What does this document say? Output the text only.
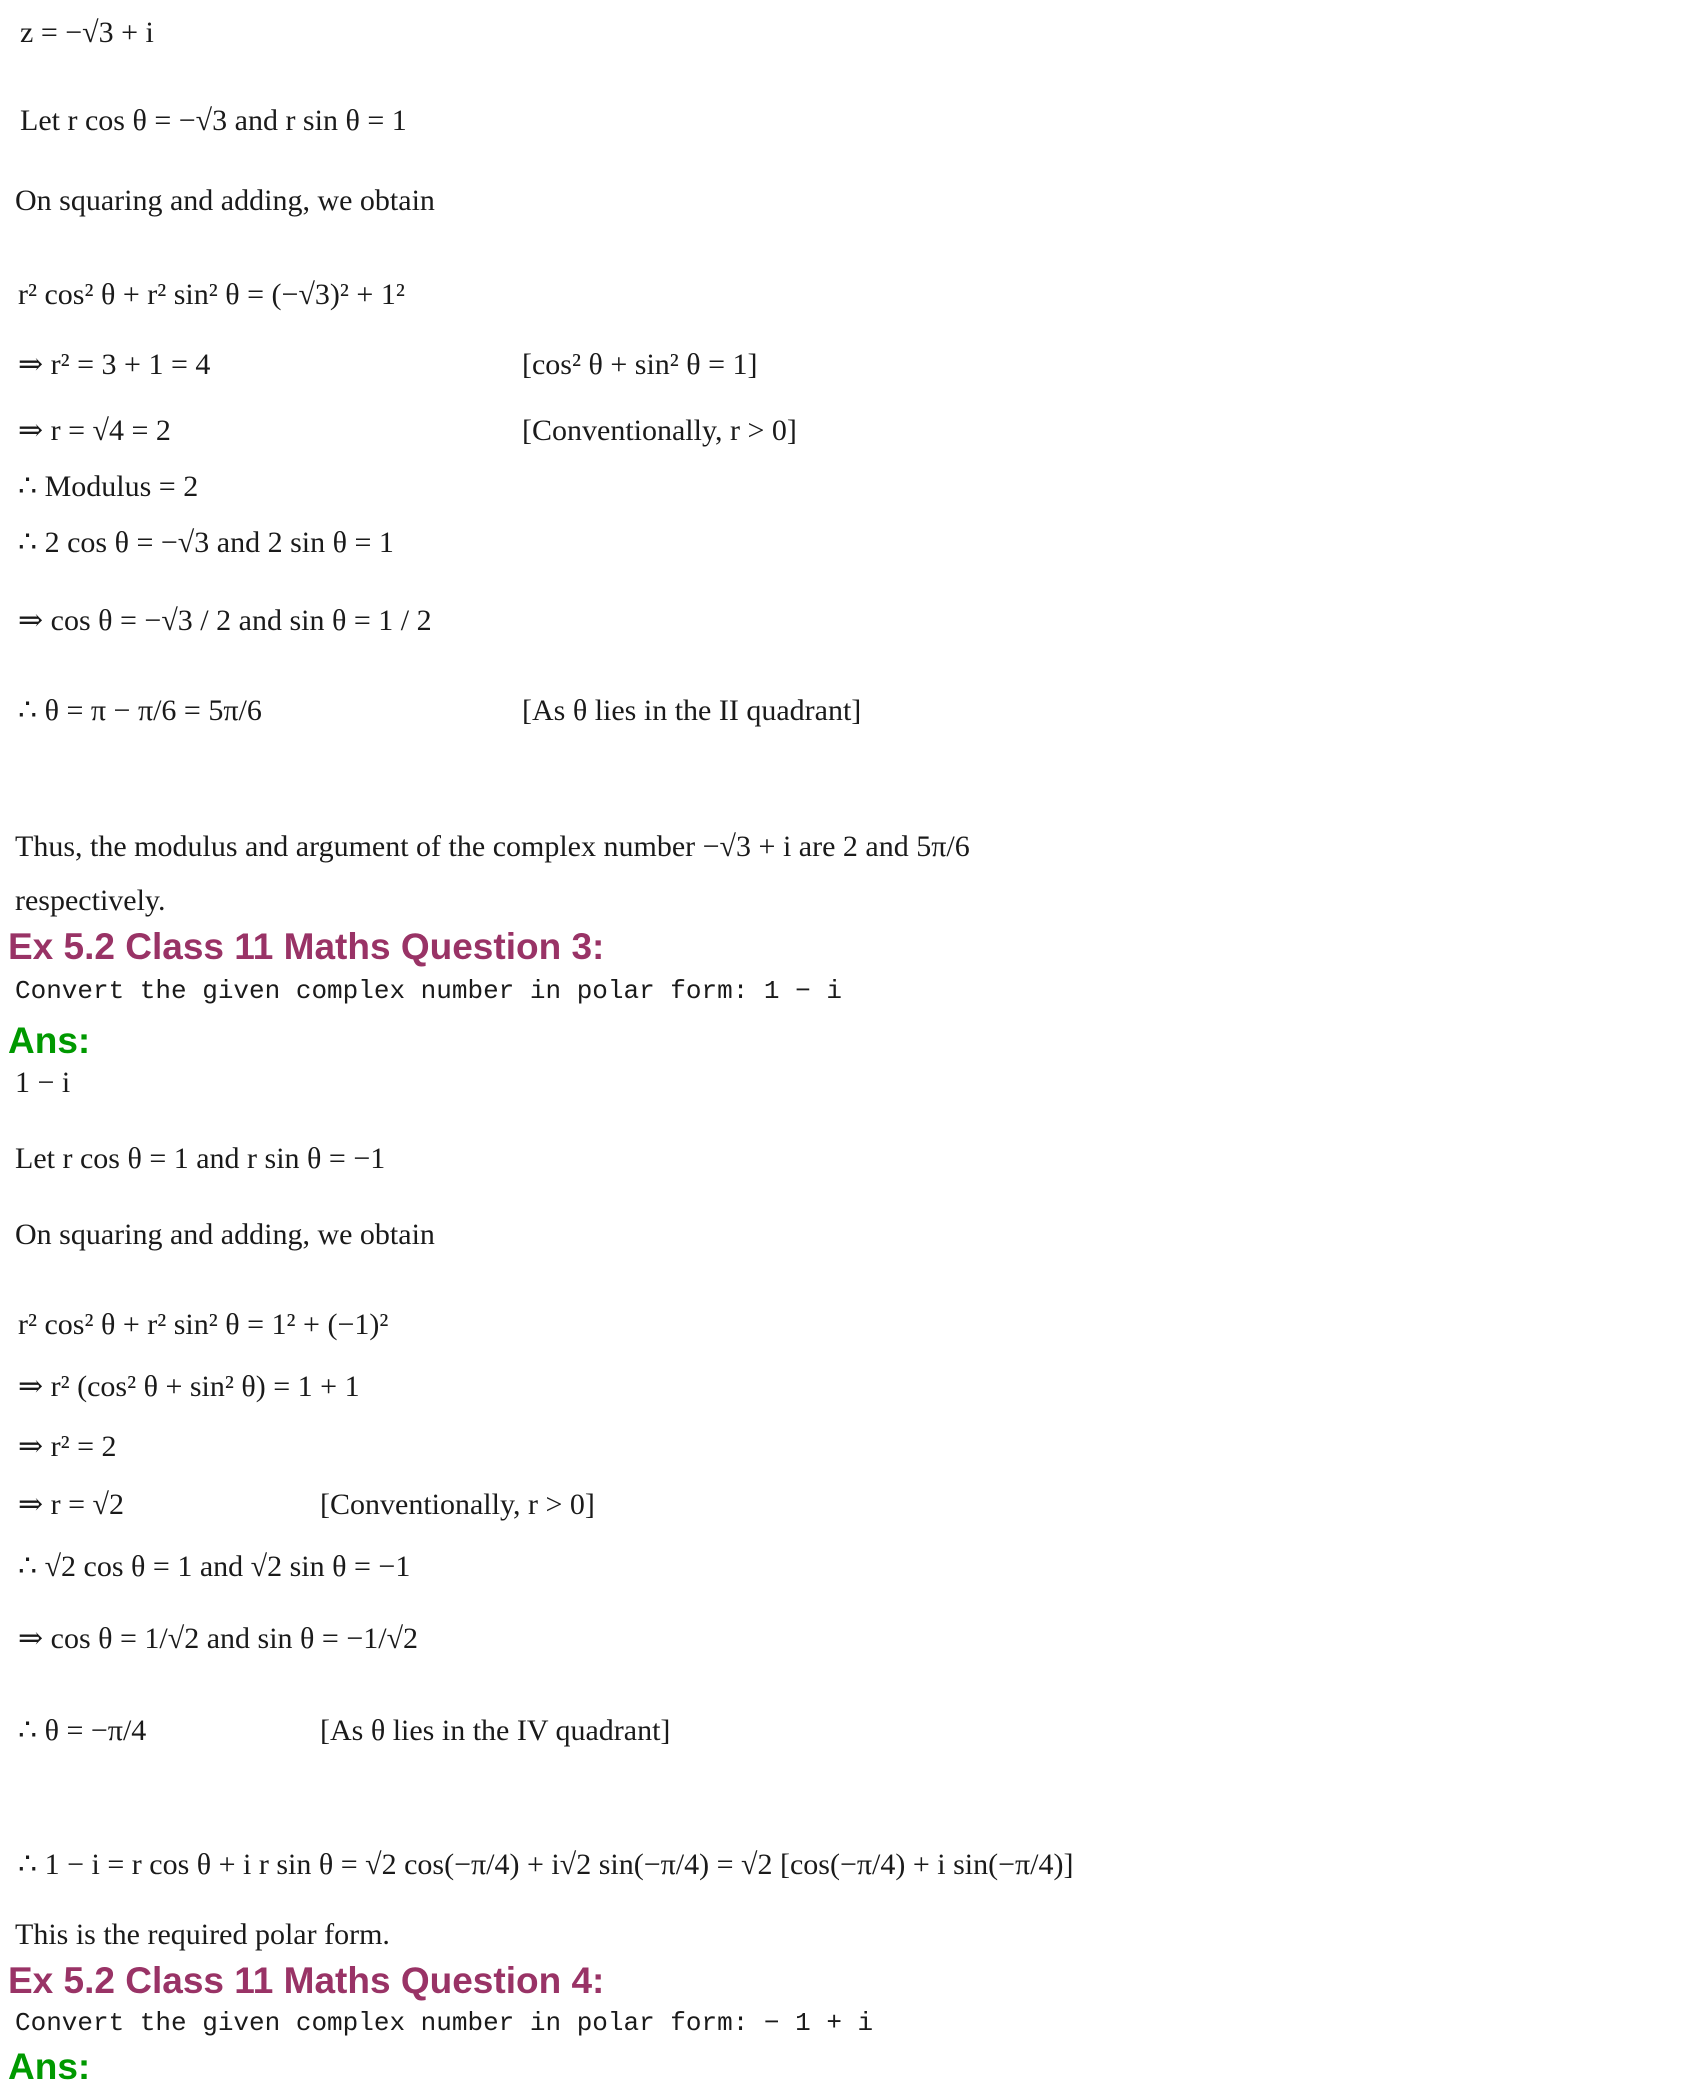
z = −√3 + i
Let r cos θ = −√3 and r sin θ = 1
On squaring and adding, we obtain
r² cos² θ + r² sin² θ = (−√3)² + 1²
⇒ r² = 3 + 1 = 4	[cos² θ + sin² θ = 1]
⇒ r = √4 = 2	[Conventionally, r > 0]
∴ Modulus = 2
∴ 2 cos θ = −√3 and 2 sin θ = 1
⇒ cos θ = −√3 / 2 and sin θ = 1 / 2
∴ θ = π − π/6 = 5π/6	[As θ lies in the II quadrant]
Thus, the modulus and argument of the complex number −√3 + i are 2 and 5π/6
respectively.
Ex 5.2 Class 11 Maths Question 3:
Convert the given complex number in polar form: 1 − i
Ans:
1 − i
Let r cos θ = 1 and r sin θ = −1
On squaring and adding, we obtain
r² cos² θ + r² sin² θ = 1² + (−1)²
⇒ r² (cos² θ + sin² θ) = 1 + 1
⇒ r² = 2
⇒ r = √2	[Conventionally, r > 0]
∴ √2 cos θ = 1 and √2 sin θ = −1
⇒ cos θ = 1/√2 and sin θ = −1/√2
∴ θ = −π/4	[As θ lies in the IV quadrant]
∴ 1 − i = r cos θ + i r sin θ = √2 cos(−π/4) + i√2 sin(−π/4) = √2 [cos(−π/4) + i sin(−π/4)]
This is the required polar form.
Ex 5.2 Class 11 Maths Question 4:
Convert the given complex number in polar form: − 1 + i
Ans:
